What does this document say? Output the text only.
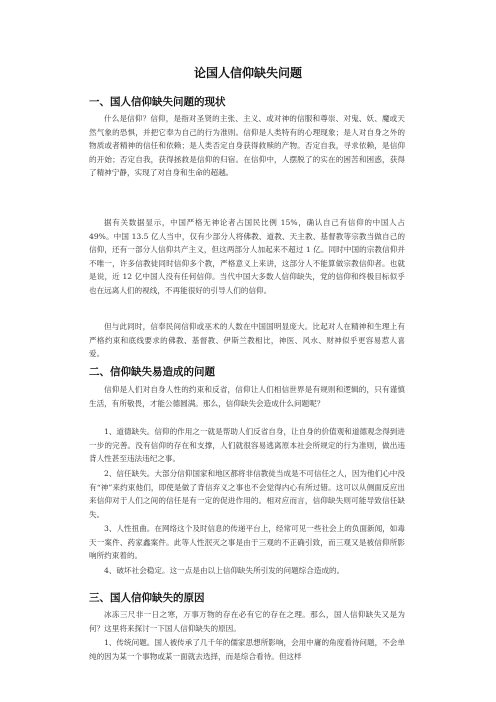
论国人信仰缺失问题
一、国人信仰缺失问题的现状

什么是信仰？信仰，是指对圣贤的主张、主义、或对神的信服和尊崇、对鬼、妖、魔或天然气象的恐惧，并把它奉为自己的行为准则。信仰是人类特有的心理现象；是人对自身之外的物质或者精神的信任和依赖；是人类否定自身获得救赎的产物。否定自我，寻求依赖，是信仰的开始；否定自我，获得拯救是信仰的归宿。在信仰中，人摆脱了的实在的困苦和困惑，获得了精神宁静，实现了对自身和生命的超越。

据有关数据显示，中国严格无神论者占国民比例 15%，确认自己有信仰的中国人占 49%。中国 13.5 亿人当中，仅有少部分人将佛教、道教、天主教、基督教等宗教当做自己的信仰，还有一部分人信仰共产主义，但这两部分人加起来不超过 1 亿。同时中国的宗教信仰并不唯一，许多信教徒同时信仰多个教，严格意义上来讲，这部分人不能算做宗教信仰者。也就是说，近 12 亿中国人没有任何信仰。当代中国大多数人信仰缺失，党的信仰和终极目标似乎也在远离人们的视线，不再能很好的引导人们的信仰。

但与此同时，信奉民间信仰或巫术的人数在中国国明显庞大。比起对人在精神和生理上有严格约束和底线要求的佛教、基督教、伊斯兰教相比，神医、风水、财神似乎更容易惹人喜爱。

二、信仰缺失易造成的问题

信仰是人们对自身人性的约束和反省，信仰让人们相信世界是有规则和逻辑的，只有谨慎生活，有所敬畏，才能公德圆满。那么，信仰缺失会造成什么问题呢？

1、道德缺失。信仰的作用之一就是帮助人们反省自身，让自身的价值观和道德观念得到进一步的完善。没有信仰的存在和支撑，人们就很容易逃离原本社会所规定的行为准则，做出违背人性甚至违法违纪之事。

2、信任缺失。大部分信仰国家和地区都将非信教徒当成是不可信任之人，因为他们心中没有“神”来约束他们，即使是做了背信弃义之事也不会觉得内心有所过错。这可以从侧面反应出来信仰对于人们之间的信任是有一定的促进作用的。相对应而言，信仰缺失则可能导致信任缺失。

3、人性扭曲。在网络这个及时信息的传递平台上，经常可见一些社会上的负面新闻，如毒天一案件、药家鑫案件。此等人性泯灭之事是由于三观的不正确引致，而三观又是被信仰所影响所约束着的。

4、破坏社会稳定。这一点是由以上信仰缺失所引发的问题综合造成的。

三、国人信仰缺失的原因

冰冻三尺非一日之寒，万事万物的存在必有它的存在之理。那么，国人信仰缺失又是为何？这里将来探讨一下国人信仰缺失的原因。

1、传统问题。国人被传承了几千年的儒家思想所影响，会用中庸的角度看待问题，不会单纯的因为某一个事物或某一面就去选择，而是综合看待。但这样
